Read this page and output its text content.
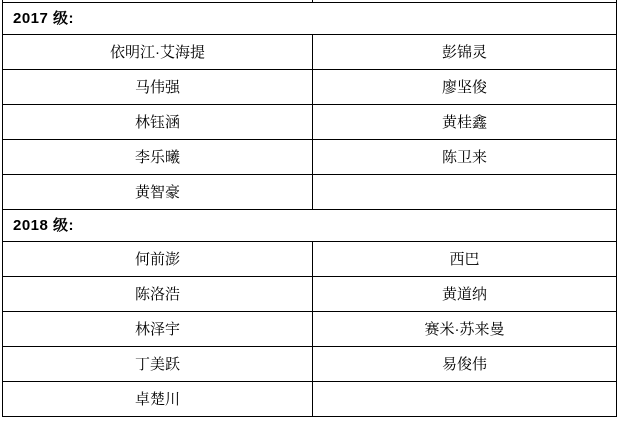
2017 级:	
依明江·艾海提	彭锦灵
马伟强	廖坚俊
林钰涵	黄桂鑫
李乐曦	陈卫来
黄智豪	
2018 级:	
何前澎	西巴
陈洛浩	黄道纳
林泽宇	赛米·苏来曼
丁美跃	易俊伟
卓楚川	
